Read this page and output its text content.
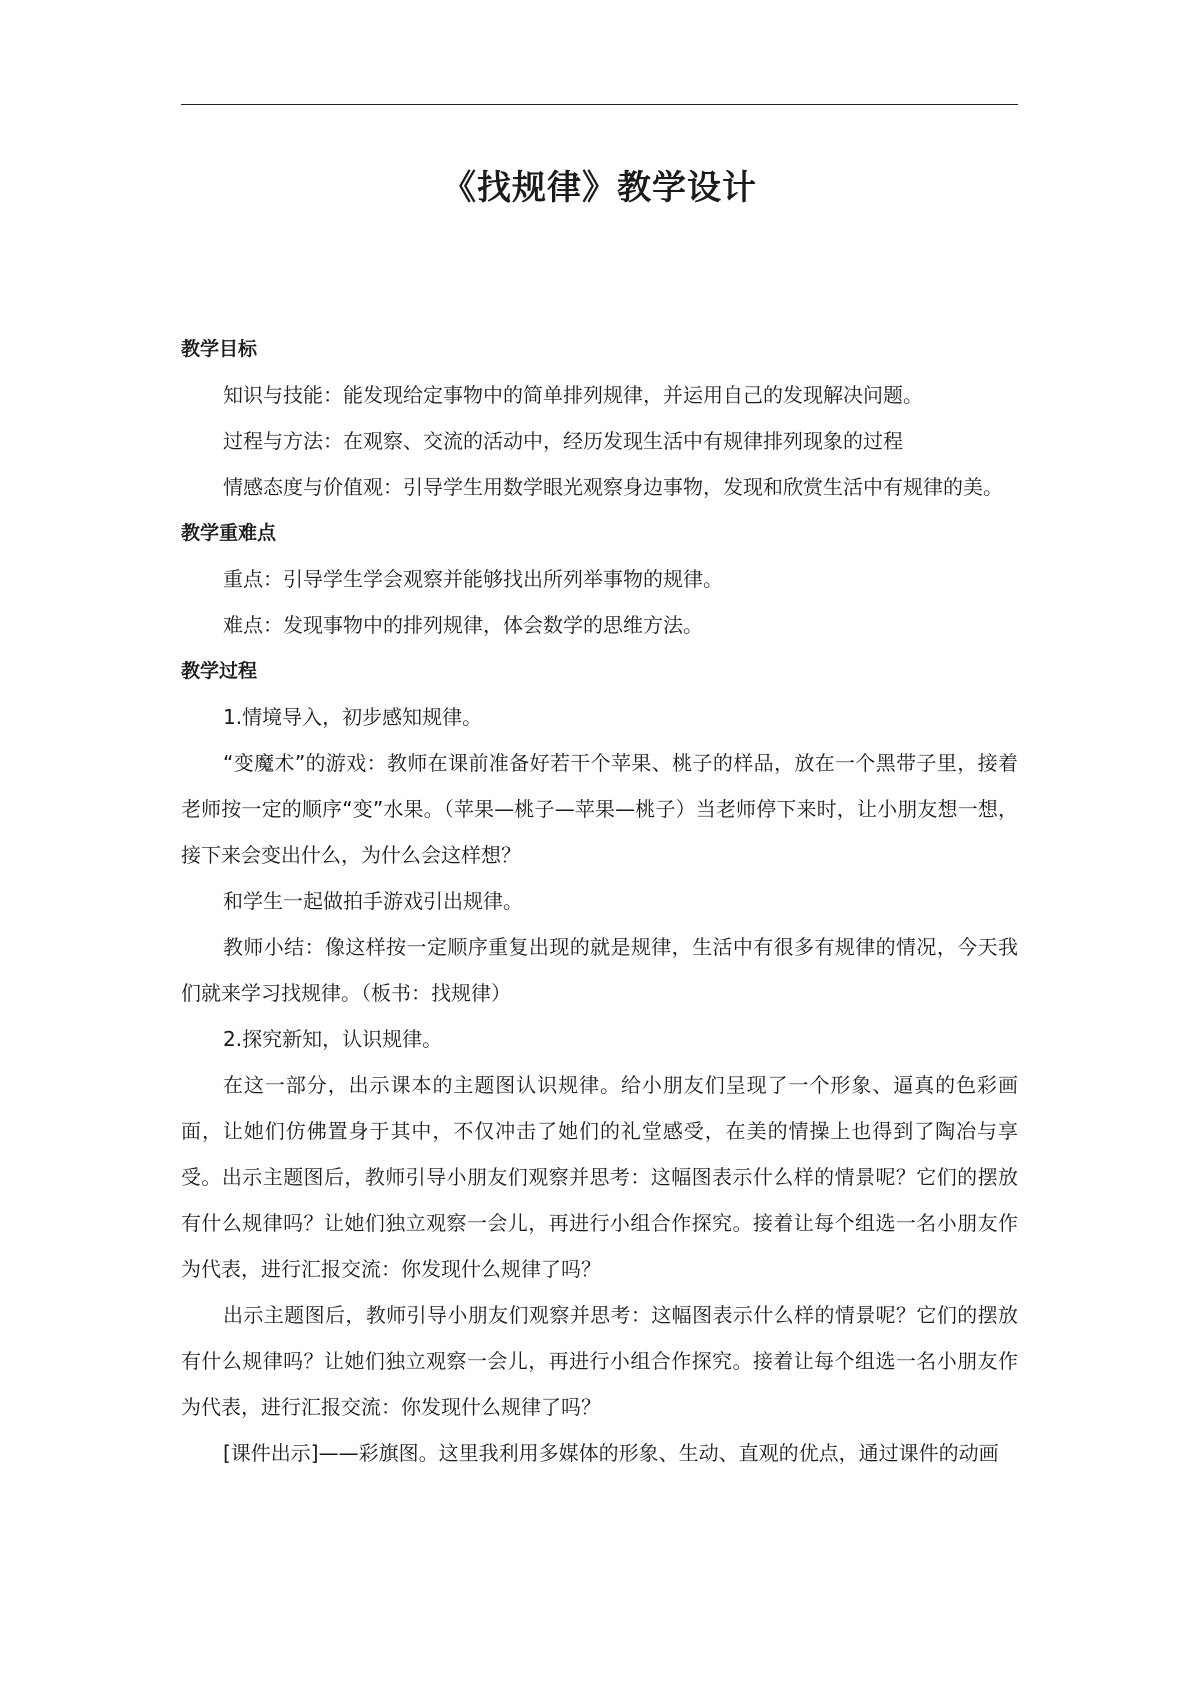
《找规律》教学设计

教学目标

知识与技能：能发现给定事物中的简单排列规律，并运用自己的发现解决问题。

过程与方法：在观察、交流的活动中，经历发现生活中有规律排列现象的过程

情感态度与价值观：引导学生用数学眼光观察身边事物，发现和欣赏生活中有规律的美。

教学重难点

重点：引导学生学会观察并能够找出所列举事物的规律。

难点：发现事物中的排列规律，体会数学的思维方法。

教学过程

1.情境导入，初步感知规律。

“变魔术”的游戏：教师在课前准备好若干个苹果、桃子的样品，放在一个黑带子里，接着老师按一定的顺序“变”水果。（苹果—桃子—苹果—桃子）当老师停下来时，让小朋友想一想，接下来会变出什么，为什么会这样想？

和学生一起做拍手游戏引出规律。

教师小结：像这样按一定顺序重复出现的就是规律，生活中有很多有规律的情况，今天我们就来学习找规律。（板书：找规律）

2.探究新知，认识规律。

在这一部分，出示课本的主题图认识规律。给小朋友们呈现了一个形象、逼真的色彩画面，让她们仿佛置身于其中，不仅冲击了她们的礼堂感受，在美的情操上也得到了陶冶与享受。出示主题图后，教师引导小朋友们观察并思考：这幅图表示什么样的情景呢？它们的摆放有什么规律吗？让她们独立观察一会儿，再进行小组合作探究。接着让每个组选一名小朋友作为代表，进行汇报交流：你发现什么规律了吗？

出示主题图后，教师引导小朋友们观察并思考：这幅图表示什么样的情景呢？它们的摆放有什么规律吗？让她们独立观察一会儿，再进行小组合作探究。接着让每个组选一名小朋友作为代表，进行汇报交流：你发现什么规律了吗？

[课件出示]——彩旗图。这里我利用多媒体的形象、生动、直观的优点，通过课件的动画
